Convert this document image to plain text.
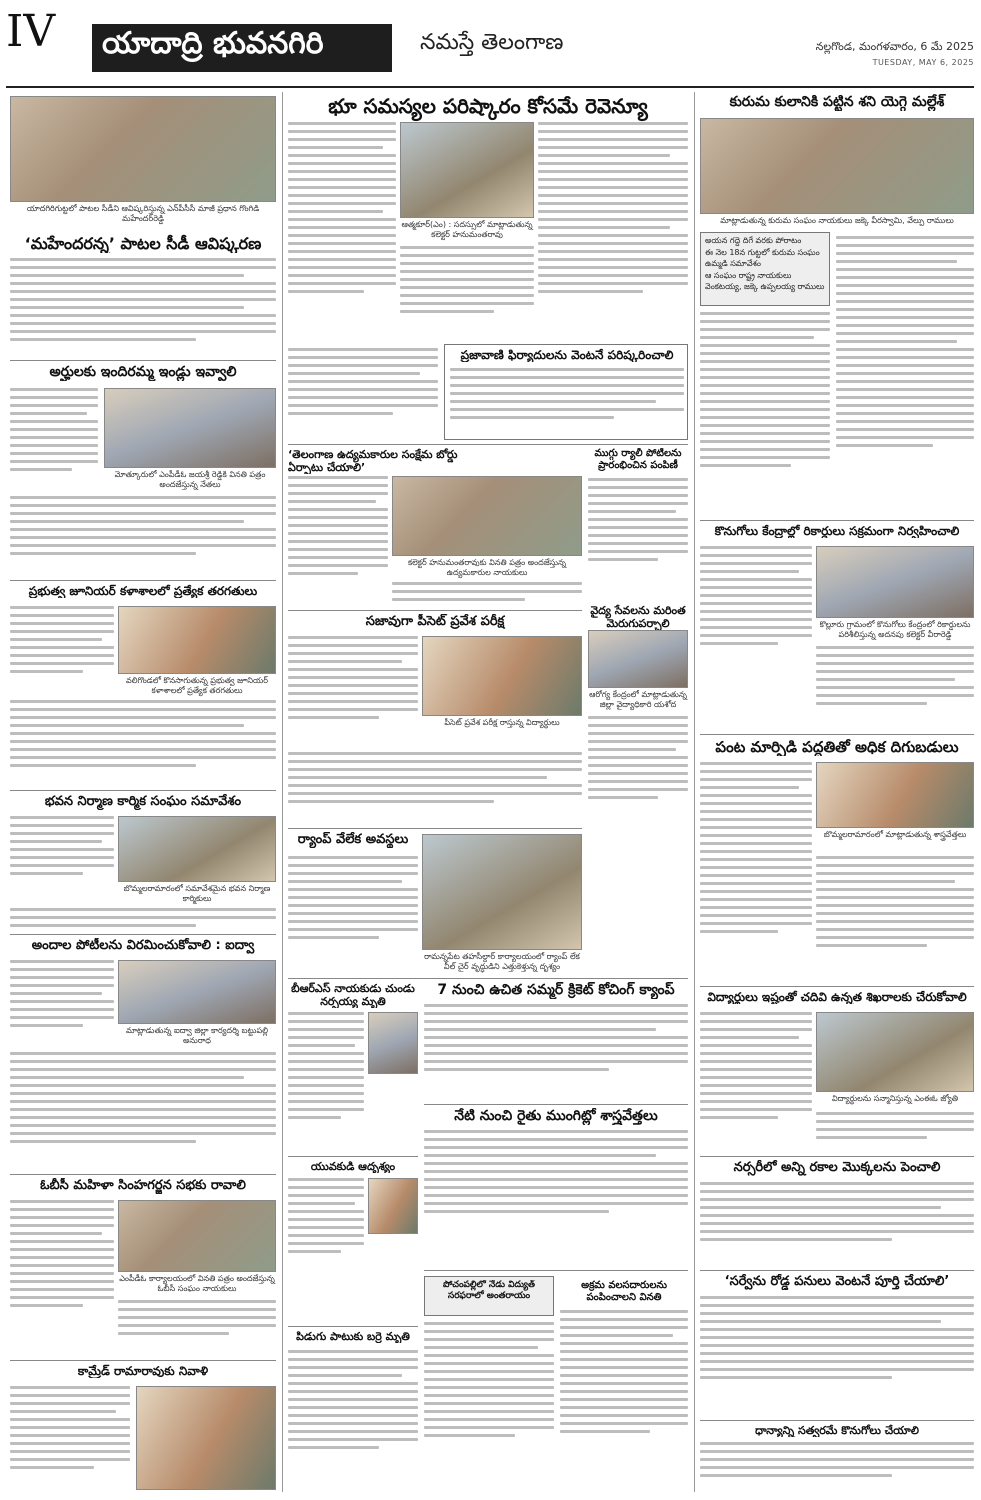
IV	యాదాద్రి భువనగిరి	నమస్తే తెలంగాణ	నల్లగొండ, మంగళవారం, 6 మే 2025
TUESDAY, MAY 6, 2025
యాదగిరిగుట్టలో పాటల సీడీని ఆవిష్కరిస్తున్న ఎన్‌పీసీసీ మాజీ ప్రధాన గొంగిడి మహేందర్‌రెడ్డి
‘మహేందరన్న’ పాటల సీడీ ఆవిష్కరణ
అర్హులకు ఇందిరమ్మ ఇండ్లు ఇవ్వాలి
మోత్కూరులో ఎంపీడీఓ జయశ్రీ రెడ్డికి వినతి పత్రం అందజేస్తున్న నేతలు
ప్రభుత్వ జూనియర్‌ కళాశాలలో ప్రత్యేక తరగతులు
వలిగొండలో కొనసాగుతున్న ప్రభుత్వ జూనియర్‌ కళాశాలలో ప్రత్యేక తరగతులు
భవన నిర్మాణ కార్మిక సంఘం సమావేశం
బొమ్మలరామారంలో సమావేశమైన భవన నిర్మాణ కార్మికులు
అందాల పోటీలను విరమించుకోవాలి : ఐద్వా
మాట్లాడుతున్న ఐద్వా జిల్లా కార్యదర్శి బట్టుపల్లి అనురాధ
ఓబీసీ మహిళా సింహగర్జన సభకు రావాలి
ఎంపీడీఓ కార్యాలయంలో వినతి పత్రం అందజేస్తున్న ఓబీసీ సంఘం నాయకులు
కామ్రేడ్‌ రామారావుకు నివాళి
భూ సమస్యల పరిష్కారం కోసమే రెవెన్యూ
ఆత్మకూర్‌(ఎం) : సదస్సులో మాట్లాడుతున్న కలెక్టర్‌ హనుమంతరావు
ప్రజావాణి ఫిర్యాదులను వెంటనే పరిష్కరించాలి
‘తెలంగాణ ఉద్యమకారుల సంక్షేమ బోర్డు ఏర్పాటు చేయాలి’
కలెక్టర్‌ హనుమంతరావుకు వినతి పత్రం అందజేస్తున్న ఉద్యమకారుల నాయకులు
ముగ్గు ర్యాలీ పోటీలను ప్రారంభించిన పంపిణీ
వైద్య సేవలను మరింత మెరుగుపర్చాలి
ఆరోగ్య కేంద్రంలో మాట్లాడుతున్న జిల్లా వైద్యాధికారి యశోద
సజావుగా పీసెట్‌ ప్రవేశ పరీక్ష
పీసెట్‌ ప్రవేశ పరీక్ష రాస్తున్న విద్యార్థులు
ర్యాంప్‌ వేలేక అవస్థలు
రామన్నపేట తహసీల్దార్‌ కార్యాలయంలో ర్యాంప్‌ లేక వీల్‌ చైర్‌ వృద్ధుడిని ఎత్తుకెళ్తున్న దృశ్యం
బీఆర్‌ఎస్‌ నాయకుడు చుండు నర్సయ్య మృతి
యువకుడి ఆదృశ్యం
పిడుగు పాటుకు బర్రె మృతి
7 నుంచి ఉచిత సమ్మర్‌ క్రికెట్‌ కోచింగ్‌ క్యాంప్‌
నేటి నుంచి రైతు ముంగిట్లో శాస్త్రవేత్తలు
పోచంపల్లిలో నేడు విద్యుత్‌ సరఫరాలో అంతరాయం
అక్రమ వలసదారులను పంపించాలని వినతి
కురుమ కులానికి పట్టిన శని యెగ్గె మల్లేశ్‌
మాట్లాడుతున్న కురుమ సంఘం నాయకులు జక్కె వీరస్వామి, వేల్పు రాములు
అయన గద్దె దిగే వరకు పోరాటం
ఈ నెల 18న గుట్టలో కురుమ సంఘం ఉమ్మడి సమావేశం
ఆ సంఘం రాష్ట్ర నాయకులు వెంకటయ్య, జక్కె ఉప్పలయ్య రాములు
కొనుగోలు కేంద్రాల్లో రికార్డులు సక్రమంగా నిర్వహించాలి
కొల్లూరు గ్రామంలో కొనుగోలు కేంద్రంలో రికార్డులను పరిశీలిస్తున్న అదనపు కలెక్టర్‌ వీరారెడ్డి
పంట మార్పిడి పద్ధతితో అధిక దిగుబడులు
బొమ్మలరామారంలో మాట్లాడుతున్న శాస్త్రవేత్తలు
విద్యార్థులు ఇష్టంతో చదివి ఉన్నత శిఖరాలకు చేరుకోవాలి
విద్యార్థులను సన్మానిస్తున్న ఎంఈఓ జ్యోతి
నర్సరీలో అన్ని రకాల మొక్కలను పెంచాలి
‘సర్వేను రోడ్డ పనులు వెంటనే పూర్తి చేయాలి’
ధాన్యాన్ని సత్వరమే కొనుగోలు చేయాలి
